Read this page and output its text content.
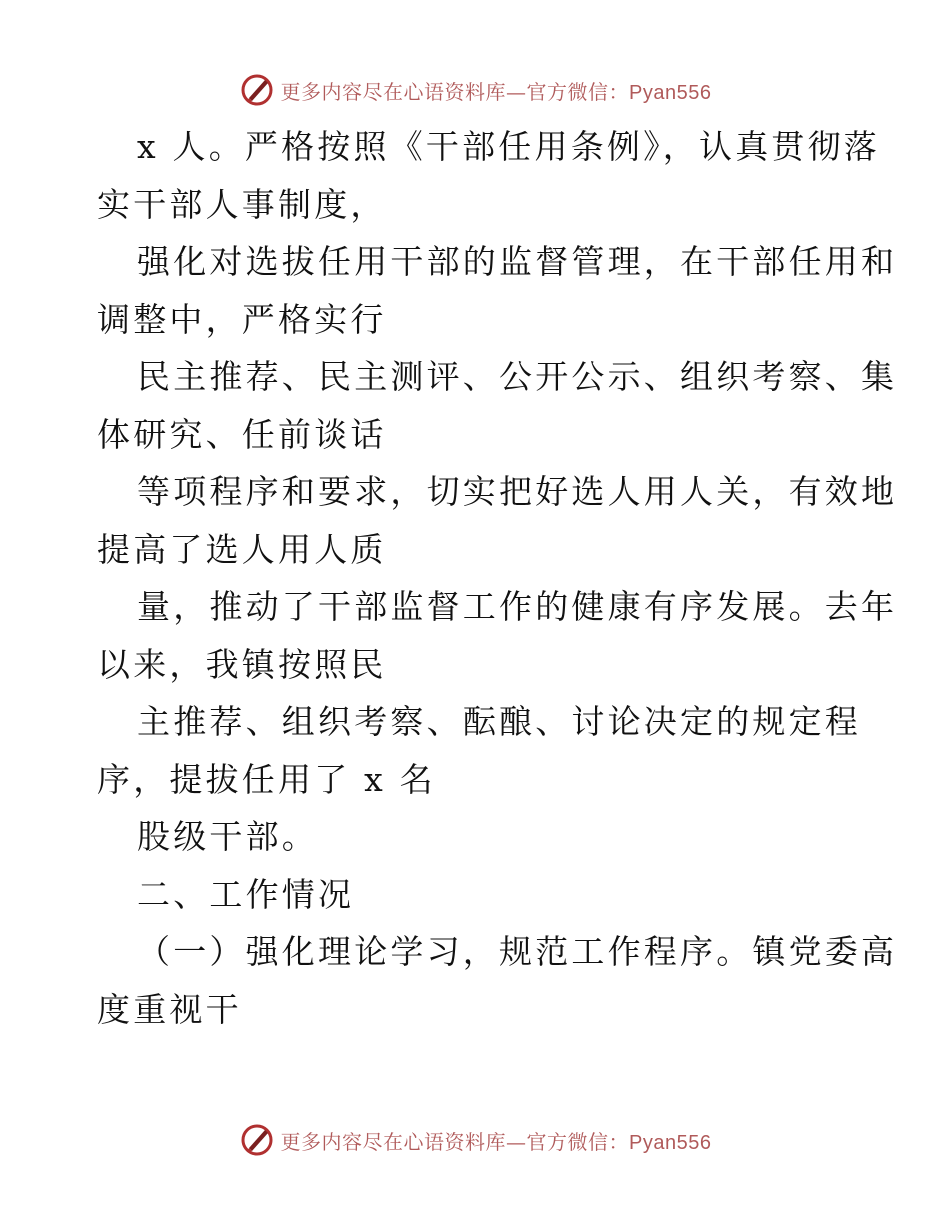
更多内容尽在心语资料库—官方微信：Pyan556
x 人。严格按照《干部任用条例》，认真贯彻落
实干部人事制度，
强化对选拔任用干部的监督管理，在干部任用和
调整中，严格实行
民主推荐、民主测评、公开公示、组织考察、集
体研究、任前谈话
等项程序和要求，切实把好选人用人关，有效地
提高了选人用人质
量，推动了干部监督工作的健康有序发展。去年
以来，我镇按照民
主推荐、组织考察、酝酿、讨论决定的规定程
序，提拔任用了 x 名
股级干部。
二、工作情况
（一）强化理论学习，规范工作程序。镇党委高
度重视干
更多内容尽在心语资料库—官方微信：Pyan556
